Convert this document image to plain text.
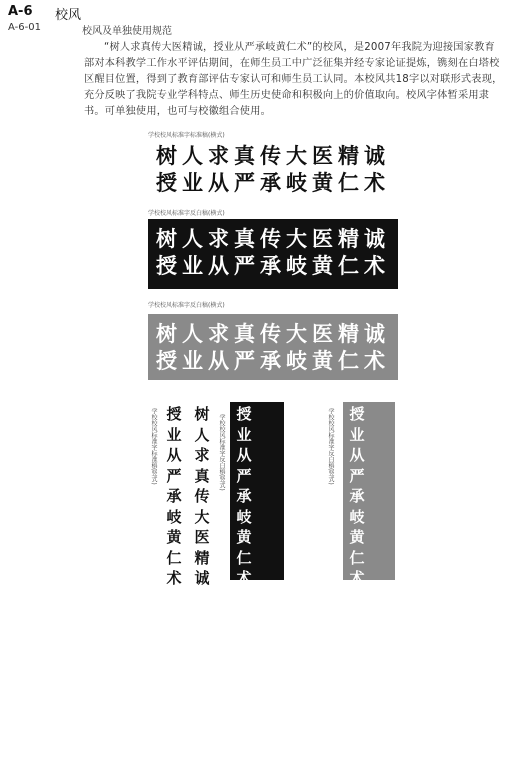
A-6 校风
A-6-01	校风及单独使用规范
“树人求真传大医精诚，授业从严承岐黄仁术”的校风，是2007年我院为迎接国家教育部对本科教学工作水平评估期间，在师生员工中广泛征集并经专家论证提炼，镌刻在白塔校区醒目位置，得到了教育部评估专家认可和师生员工认同。本校风共18字以对联形式表现，充分反映了我院专业学科特点、师生历史使命和积极向上的价值取向。校风字体暂采用隶书。可单独使用，也可与校徽组合使用。
学校校风标准字标准稿(横式)
树人求真传大医精诚
授业从严承岐黄仁术
学校校风标准字反白稿(横式)
树人求真传大医精诚
授业从严承岐黄仁术
学校校风标准字反白稿(横式)
树人求真传大医精诚
授业从严承岐黄仁术
学校校风标准字标准稿(竖式)	学校校风标准字反白稿(竖式)	学校校风标准字反白稿(竖式)
授
业
从
严
承
岐
黄
仁
术
树
人
求
真
传
大
医
精
诚
授
业
从
严
承
岐
黄
仁
术
树
人
求
真
传
大
医
精
诚
授
业
从
严
承
岐
黄
仁
术
树
人
求
真
传
大
医
精
诚
